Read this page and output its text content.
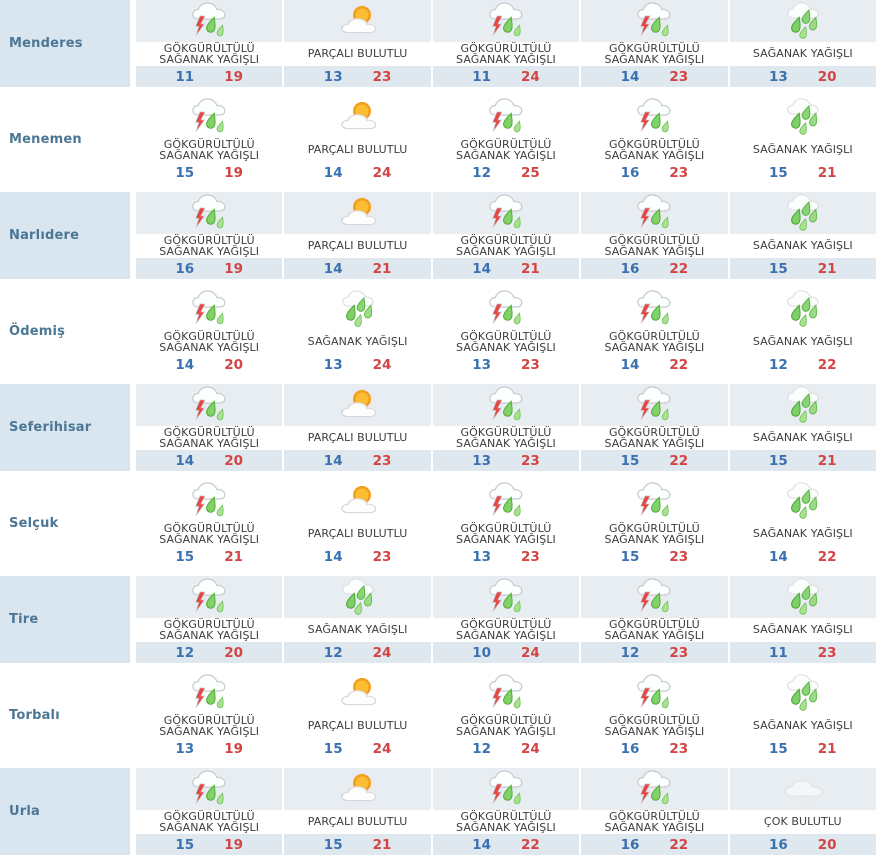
Menderes	GÖKGÜRÜLTÜLÜ SAĞANAK YAĞIŞLI
11 19
PARÇALI BULUTLU
13 23
GÖKGÜRÜLTÜLÜ SAĞANAK YAĞIŞLI
11 24
GÖKGÜRÜLTÜLÜ SAĞANAK YAĞIŞLI
14 23
SAĞANAK YAĞIŞLI
13 20
Menemen	GÖKGÜRÜLTÜLÜ SAĞANAK YAĞIŞLI
15 19
PARÇALI BULUTLU
14 24
GÖKGÜRÜLTÜLÜ SAĞANAK YAĞIŞLI
12 25
GÖKGÜRÜLTÜLÜ SAĞANAK YAĞIŞLI
16 23
SAĞANAK YAĞIŞLI
15 21
Narlıdere	GÖKGÜRÜLTÜLÜ SAĞANAK YAĞIŞLI
16 19
PARÇALI BULUTLU
14 21
GÖKGÜRÜLTÜLÜ SAĞANAK YAĞIŞLI
14 21
GÖKGÜRÜLTÜLÜ SAĞANAK YAĞIŞLI
16 22
SAĞANAK YAĞIŞLI
15 21
Ödemiş	GÖKGÜRÜLTÜLÜ SAĞANAK YAĞIŞLI
14 20
SAĞANAK YAĞIŞLI
13 24
GÖKGÜRÜLTÜLÜ SAĞANAK YAĞIŞLI
13 23
GÖKGÜRÜLTÜLÜ SAĞANAK YAĞIŞLI
14 22
SAĞANAK YAĞIŞLI
12 22
Seferihisar	GÖKGÜRÜLTÜLÜ SAĞANAK YAĞIŞLI
14 20
PARÇALI BULUTLU
14 23
GÖKGÜRÜLTÜLÜ SAĞANAK YAĞIŞLI
13 23
GÖKGÜRÜLTÜLÜ SAĞANAK YAĞIŞLI
15 22
SAĞANAK YAĞIŞLI
15 21
Selçuk	GÖKGÜRÜLTÜLÜ SAĞANAK YAĞIŞLI
15 21
PARÇALI BULUTLU
14 23
GÖKGÜRÜLTÜLÜ SAĞANAK YAĞIŞLI
13 23
GÖKGÜRÜLTÜLÜ SAĞANAK YAĞIŞLI
15 23
SAĞANAK YAĞIŞLI
14 22
Tire	GÖKGÜRÜLTÜLÜ SAĞANAK YAĞIŞLI
12 20
SAĞANAK YAĞIŞLI
12 24
GÖKGÜRÜLTÜLÜ SAĞANAK YAĞIŞLI
10 24
GÖKGÜRÜLTÜLÜ SAĞANAK YAĞIŞLI
12 23
SAĞANAK YAĞIŞLI
11 23
Torbalı	GÖKGÜRÜLTÜLÜ SAĞANAK YAĞIŞLI
13 19
PARÇALI BULUTLU
15 24
GÖKGÜRÜLTÜLÜ SAĞANAK YAĞIŞLI
12 24
GÖKGÜRÜLTÜLÜ SAĞANAK YAĞIŞLI
16 23
SAĞANAK YAĞIŞLI
15 21
Urla	GÖKGÜRÜLTÜLÜ SAĞANAK YAĞIŞLI
15 19
PARÇALI BULUTLU
15 21
GÖKGÜRÜLTÜLÜ SAĞANAK YAĞIŞLI
14 22
GÖKGÜRÜLTÜLÜ SAĞANAK YAĞIŞLI
16 22
ÇOK BULUTLU
16 20
